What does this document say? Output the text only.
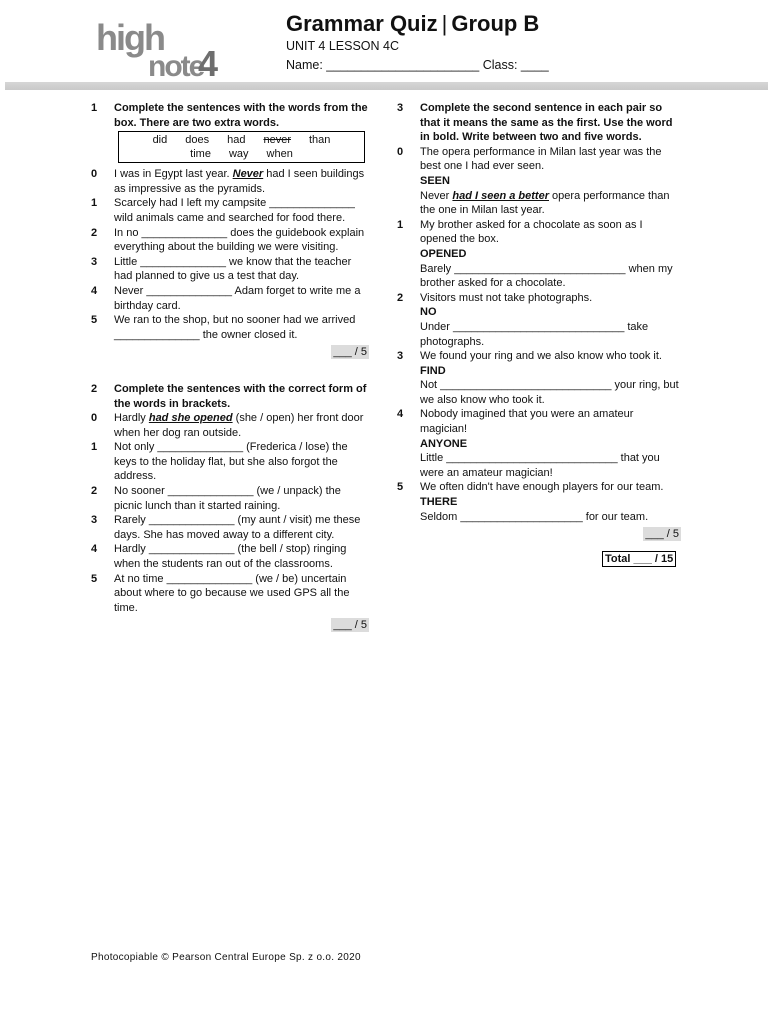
high
note
4
Grammar Quiz | Group B
UNIT 4 LESSON 4C
Name: ______________________ Class: ____
1	Complete the sentences with the words from the box. There are two extra words.
did does had never than
time way when
0	I was in Egypt last year. Never had I seen buildings as impressive as the pyramids.
1	Scarcely had I left my campsite ______________ wild animals came and searched for food there.
2	In no ______________ does the guidebook explain everything about the building we were visiting.
3	Little ______________ we know that the teacher had planned to give us a test that day.
4	Never ______________ Adam forget to write me a birthday card.
5	We ran to the shop, but no sooner had we arrived ______________ the owner closed it.
___ / 5
2	Complete the sentences with the correct form of the words in brackets.
0	Hardly had she opened (she / open) her front door when her dog ran outside.
1	Not only ______________ (Frederica / lose) the keys to the holiday flat, but she also forgot the address.
2	No sooner ______________ (we / unpack) the picnic lunch than it started raining.
3	Rarely ______________ (my aunt / visit) me these days. She has moved away to a different city.
4	Hardly ______________ (the bell / stop) ringing when the students ran out of the classrooms.
5	At no time ______________ (we / be) uncertain about where to go because we used GPS all the time.
___ / 5
3	Complete the second sentence in each pair so that it means the same as the first. Use the word in bold. Write between two and five words.
0	The opera performance in Milan last year was the best one I had ever seen.
SEEN
Never had I seen a better opera performance than the one in Milan last year.
1	My brother asked for a chocolate as soon as I opened the box.
OPENED
Barely ____________________________ when my brother asked for a chocolate.
2	Visitors must not take photographs.
NO
Under ____________________________ take photographs.
3	We found your ring and we also know who took it.
FIND
Not ____________________________ your ring, but we also know who took it.
4	Nobody imagined that you were an amateur magician!
ANYONE
Little ____________________________ that you were an amateur magician!
5	We often didn't have enough players for our team.
THERE
Seldom ____________________ for our team.
___ / 5
Total ___ / 15
Photocopiable © Pearson Central Europe Sp. z o.o. 2020
